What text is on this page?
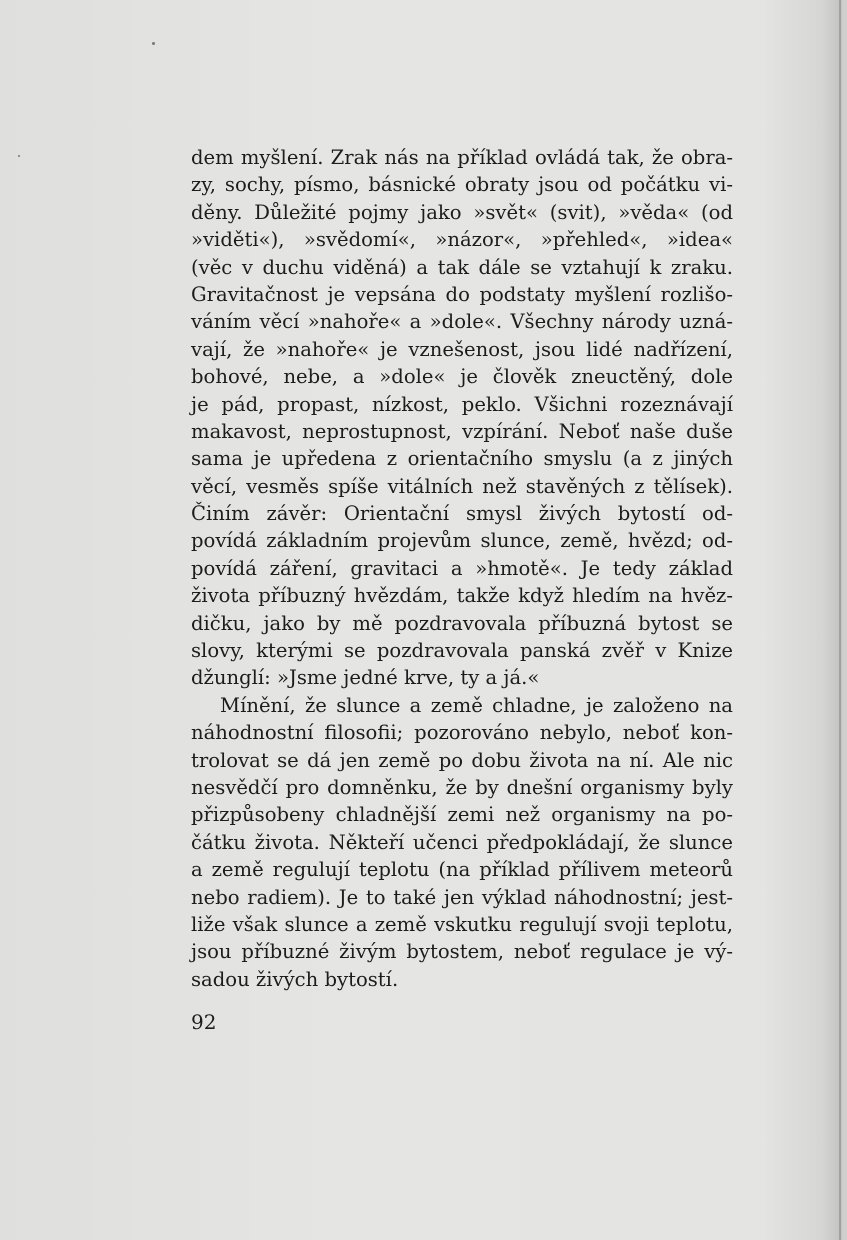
dem myšlení. Zrak nás na příklad ovládá tak, že obra-
zy, sochy, písmo, básnické obraty jsou od počátku vi-
děny. Důležité pojmy jako »svět« (svit), »věda« (od
»viděti«), »svědomí«, »názor«, »přehled«, »idea«
(věc v duchu viděná) a tak dále se vztahují k zraku.
Gravitačnost je vepsána do podstaty myšlení rozlišo-
váním věcí »nahoře« a »dole«. Všechny národy uzná-
vají, že »nahoře« je vznešenost, jsou lidé nadřízení,
bohové, nebe, a »dole« je člověk zneuctěný, dole
je pád, propast, nízkost, peklo. Všichni rozeznávají
makavost, neprostupnost, vzpírání. Neboť naše duše
sama je upředena z orientačního smyslu (a z jiných
věcí, vesměs spíše vitálních než stavěných z tělísek).
Činím závěr: Orientační smysl živých bytostí od-
povídá základním projevům slunce, země, hvězd; od-
povídá záření, gravitaci a »hmotě«. Je tedy základ
života příbuzný hvězdám, takže když hledím na hvěz-
dičku, jako by mě pozdravovala příbuzná bytost se
slovy, kterými se pozdravovala panská zvěř v Knize
džunglí: »Jsme jedné krve, ty a já.«
Mínění, že slunce a země chladne, je založeno na
náhodnostní filosofii; pozorováno nebylo, neboť kon-
trolovat se dá jen země po dobu života na ní. Ale nic
nesvědčí pro domněnku, že by dnešní organismy byly
přizpůsobeny chladnější zemi než organismy na po-
čátku života. Někteří učenci předpokládají, že slunce
a země regulují teplotu (na příklad přílivem meteorů
nebo radiem). Je to také jen výklad náhodnostní; jest-
liže však slunce a země vskutku regulují svoji teplotu,
jsou příbuzné živým bytostem, neboť regulace je vý-
sadou živých bytostí.
92
